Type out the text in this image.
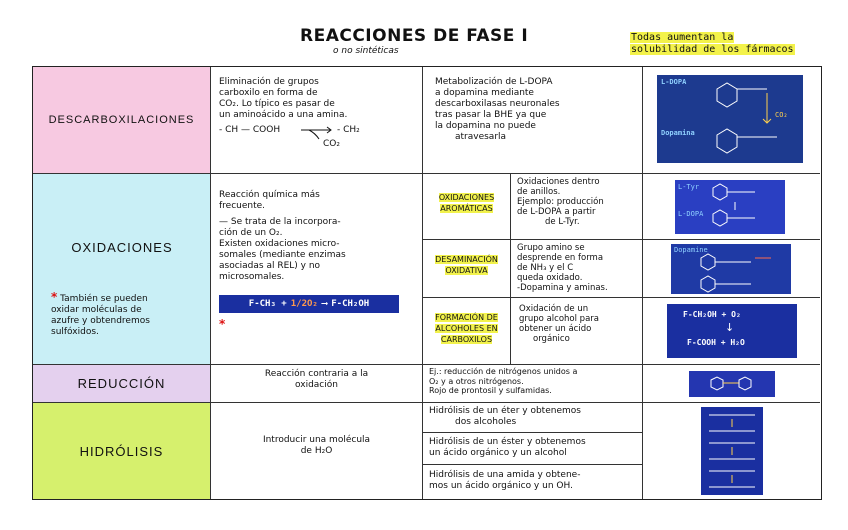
REACCIONES DE FASE I
o no sintéticas
Todas aumentan la
solubilidad de los fármacos
DESCARBOXILACIONES
Eliminación de grupos
carboxilo en forma de
CO₂. Lo típico es pasar de
un aminoácido a una amina.
- CH — COOH	- CH₂
CO₂
Metabolización de L-DOPA
a dopamina mediante
descarboxilasas neuronales
tras pasar la BHE ya que
la dopamina no puede
atravesarla
L-DOPA
Dopamina
CO₂
OXIDACIONES
* También se pueden
oxidar moléculas de
azufre y obtendremos
sulfóxidos.
Reacción química más
frecuente.
— Se trata de la incorpora-
ción de un O₂.
Existen oxidaciones micro-
somales (mediante enzimas
asociadas al REL) y no
microsomales.
F-CH₃ + 1/2O₂ ⟶ F-CH₂OH
*
OXIDACIONES
AROMÁTICAS
Oxidaciones dentro
de anillos.
Ejemplo: producción
de L-DOPA a partir
de L-Tyr.
L-Tyr
L-DOPA
DESAMINACIÓN
OXIDATIVA
Grupo amino se
desprende en forma
de NH₃ y el C
queda oxidado.
-Dopamina y aminas.
Dopamine
FORMACIÓN DE
ALCOHOLES EN
CARBOXILOS
Oxidación de un
grupo alcohol para
obtener un ácido
orgánico
F-CH₂OH + O₂
↓
F-COOH + H₂O
REDUCCIÓN
Reacción contraria a la
oxidación
Ej.: reducción de nitrógenos unidos a
O₂ y a otros nitrógenos.
Rojo de prontosil y sulfamidas.
HIDRÓLISIS
Introducir una molécula
de H₂O
Hidrólisis de un éter y obtenemos
dos alcoholes
Hidrólisis de un éster y obtenemos
un ácido orgánico y un alcohol
Hidrólisis de una amida y obtene-
mos un ácido orgánico y un OH.
